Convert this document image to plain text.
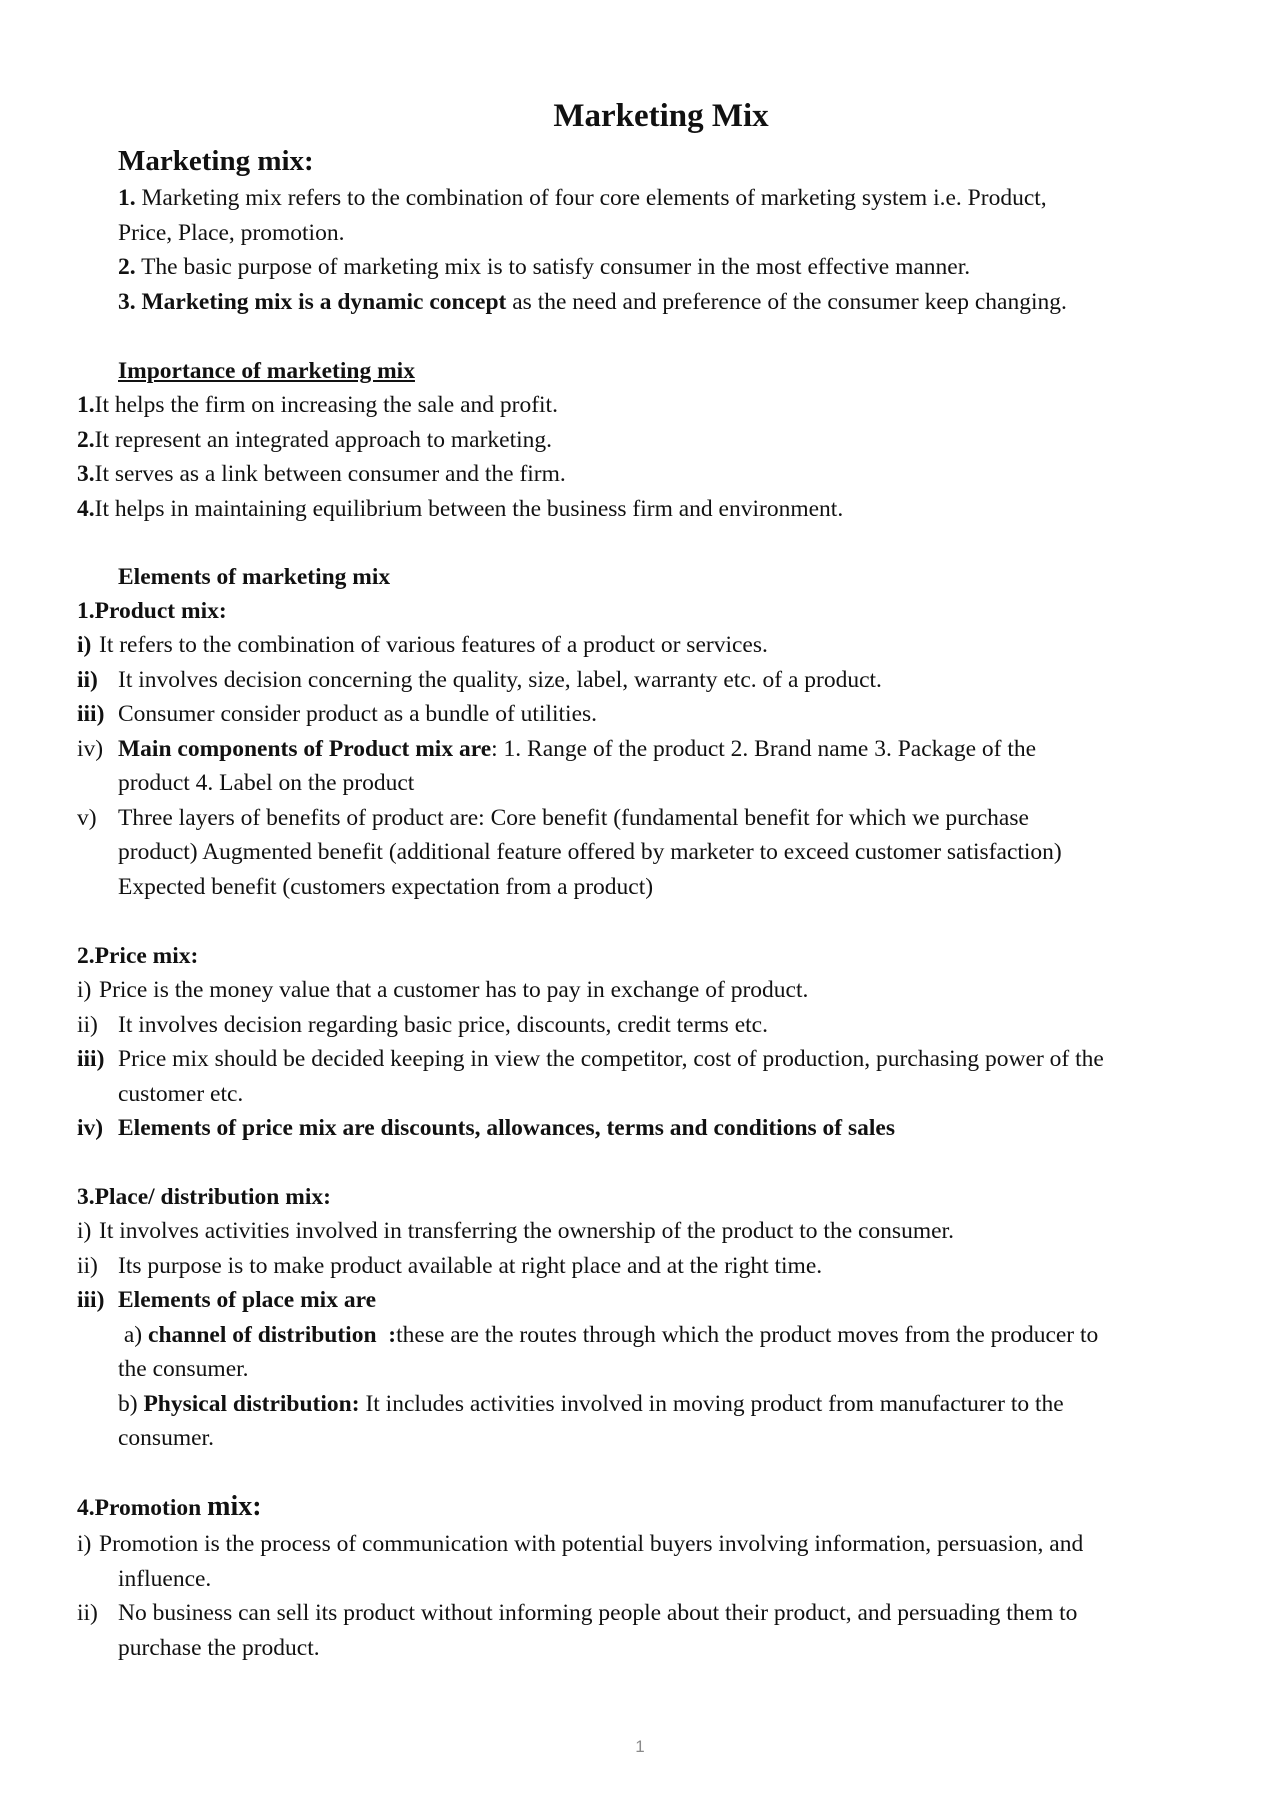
Marketing Mix
Marketing mix:
1. Marketing mix refers to the combination of four core elements of marketing system i.e. Product,
Price, Place, promotion.
2. The basic purpose of marketing mix is to satisfy consumer in the most effective manner.
3. Marketing mix is a dynamic concept as the need and preference of the consumer keep changing.
Importance of marketing mix
1.It helps the firm on increasing the sale and profit.
2.It represent an integrated approach to marketing.
3.It serves as a link between consumer and the firm.
4.It helps in maintaining equilibrium between the business firm and environment.
Elements of marketing mix
1.Product mix:
i) It refers to the combination of various features of a product or services.
ii) It involves decision concerning the quality, size, label, warranty etc. of a product.
iii) Consumer consider product as a bundle of utilities.
iv) Main components of Product mix are: 1. Range of the product 2. Brand name 3. Package of the
product 4. Label on the product
v) Three layers of benefits of product are: Core benefit (fundamental benefit for which we purchase
product) Augmented benefit (additional feature offered by marketer to exceed customer satisfaction)
Expected benefit (customers expectation from a product)
2.Price mix:
i) Price is the money value that a customer has to pay in exchange of product.
ii) It involves decision regarding basic price, discounts, credit terms etc.
iii) Price mix should be decided keeping in view the competitor, cost of production, purchasing power of the
customer etc.
iv) Elements of price mix are discounts, allowances, terms and conditions of sales
3.Place/ distribution mix:
i) It involves activities involved in transferring the ownership of the product to the consumer.
ii) Its purpose is to make product available at right place and at the right time.
iii) Elements of place mix are
a) channel of distribution  :these are the routes through which the product moves from the producer to
the consumer.
b) Physical distribution: It includes activities involved in moving product from manufacturer to the
consumer.
4.Promotion mix:
i) Promotion is the process of communication with potential buyers involving information, persuasion, and
influence.
ii) No business can sell its product without informing people about their product, and persuading them to
purchase the product.
1
